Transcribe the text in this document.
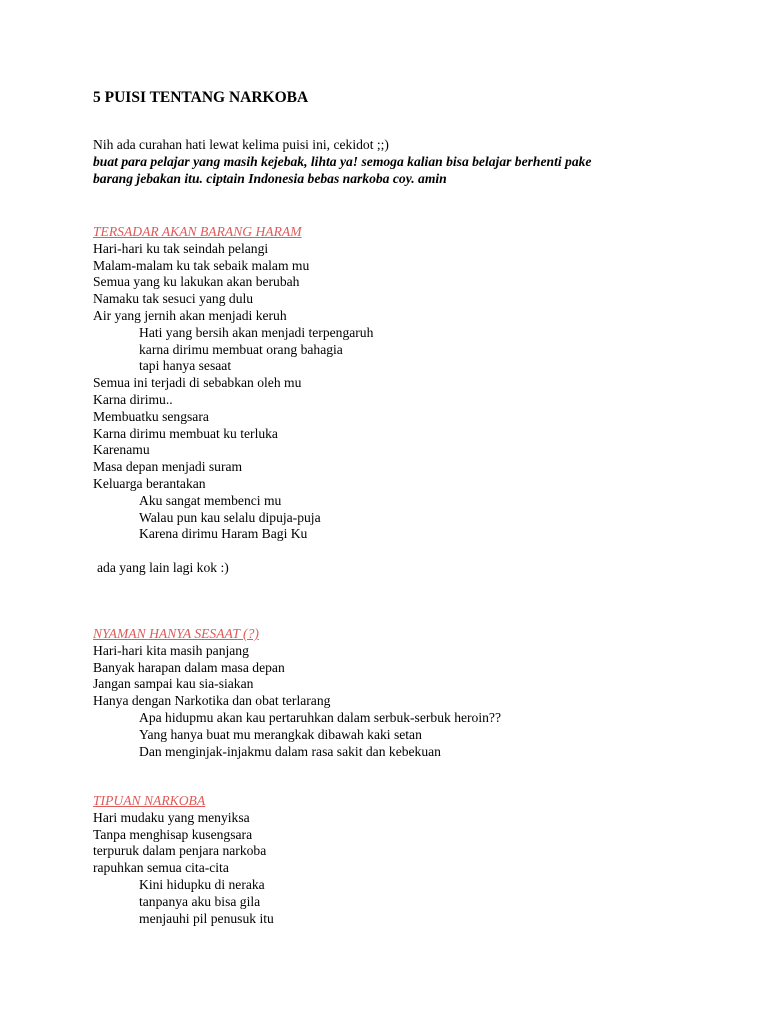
5 PUISI TENTANG NARKOBA
Nih ada curahan hati lewat kelima puisi ini, cekidot ;;)
buat para pelajar yang masih kejebak, lihta ya! semoga kalian bisa belajar berhenti pake
barang jebakan itu. ciptain Indonesia bebas narkoba coy. amin
TERSADAR AKAN BARANG HARAM
Hari-hari ku tak seindah pelangi
Malam-malam ku tak sebaik malam mu
Semua yang ku lakukan akan berubah
Namaku tak sesuci yang dulu
Air yang jernih akan menjadi keruh
Hati yang bersih akan menjadi terpengaruh
karna dirimu membuat orang bahagia
tapi hanya sesaat
Semua ini terjadi di sebabkan oleh mu
Karna dirimu..
Membuatku sengsara
Karna dirimu membuat ku terluka
Karenamu
Masa depan menjadi suram
Keluarga berantakan
Aku sangat membenci mu
Walau pun kau selalu dipuja-puja
Karena dirimu Haram Bagi Ku
ada yang lain lagi kok :)
NYAMAN HANYA SESAAT (?)
Hari-hari kita masih panjang
Banyak harapan dalam masa depan
Jangan sampai kau sia-siakan
Hanya dengan Narkotika dan obat terlarang
Apa hidupmu akan kau pertaruhkan dalam serbuk-serbuk heroin??
Yang hanya buat mu merangkak dibawah kaki setan
Dan menginjak-injakmu dalam rasa sakit dan kebekuan
TIPUAN NARKOBA
Hari mudaku yang menyiksa
Tanpa menghisap kusengsara
terpuruk dalam penjara narkoba
rapuhkan semua cita-cita
Kini hidupku di neraka
tanpanya aku bisa gila
menjauhi pil penusuk itu
